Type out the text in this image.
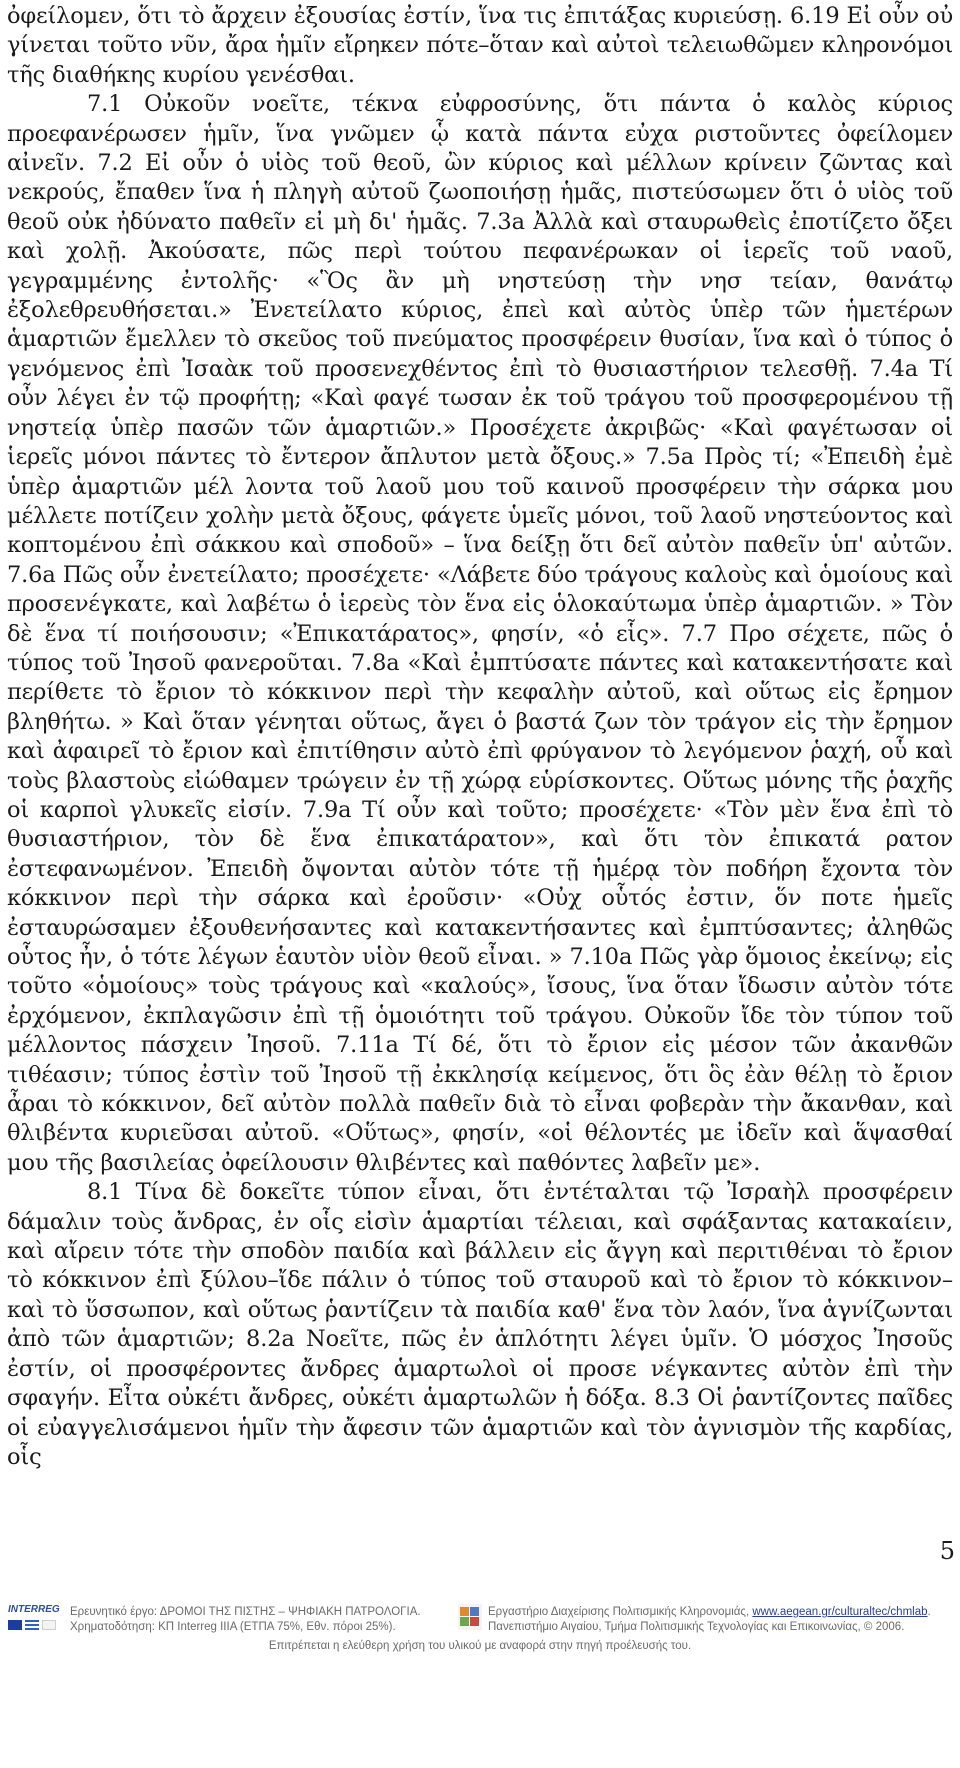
ὀφείλομεν, ὅτι τὸ ἄρχειν ἐξουσίας ἐστίν, ἵνα τις ἐπιτάξας κυριεύσῃ. 6.19 Εἰ οὖν οὐ γίνεται τοῦτο νῦν, ἄρα ἡμῖν εἴρηκεν πότε–ὅταν καὶ αὐτοὶ τελειωθῶμεν κληρονόμοι τῆς διαθήκης κυρίου γενέσθαι.

7.1 Οὐκοῦν νοεῖτε, τέκνα εὐφροσύνης, ὅτι πάντα ὁ καλὸς κύριος προεφανέρωσεν ἡμῖν, ἵνα γνῶμεν ᾧ κατὰ πάντα εὐχα ριστοῦντες ὀφείλομεν αἰνεῖν. 7.2 Εἰ οὖν ὁ υἱὸς τοῦ θεοῦ, ὢν κύριος καὶ μέλλων κρίνειν ζῶντας καὶ νεκρούς, ἔπαθεν ἵνα ἡ πληγὴ αὐτοῦ ζωοποιήσῃ ἡμᾶς, πιστεύσωμεν ὅτι ὁ υἱὸς τοῦ θεοῦ οὐκ ἠδύνατο παθεῖν εἰ μὴ δι' ἡμᾶς. 7.3a Ἀλλὰ καὶ σταυρωθεὶς ἐποτίζετο ὄξει καὶ χολῇ. Ἀκούσατε, πῶς περὶ τούτου πεφανέρωκαν οἱ ἱερεῖς τοῦ ναοῦ, γεγραμμένης ἐντολῆς· «Ὃς ἂν μὴ νηστεύσῃ τὴν νησ τείαν, θανάτῳ ἐξολεθρευθήσεται.» Ἐνετείλατο κύριος, ἐπεὶ καὶ αὐτὸς ὑπὲρ τῶν ἡμετέρων ἁμαρτιῶν ἔμελλεν τὸ σκεῦος τοῦ πνεύματος προσφέρειν θυσίαν, ἵνα καὶ ὁ τύπος ὁ γενόμενος ἐπὶ Ἰσαὰκ τοῦ προσενεχθέντος ἐπὶ τὸ θυσιαστήριον τελεσθῇ. 7.4a Τί οὖν λέγει ἐν τῷ προφήτῃ; «Καὶ φαγέ τωσαν ἐκ τοῦ τράγου τοῦ προσφερομένου τῇ νηστείᾳ ὑπὲρ πασῶν τῶν ἁμαρτιῶν.» Προσέχετε ἀκριβῶς· «Καὶ φαγέτωσαν οἱ ἱερεῖς μόνοι πάντες τὸ ἔντερον ἄπλυτον μετὰ ὄξους.» 7.5a Πρὸς τί; «Ἐπειδὴ ἐμὲ ὑπὲρ ἁμαρτιῶν μέλ λοντα τοῦ λαοῦ μου τοῦ καινοῦ προσφέρειν τὴν σάρκα μου μέλλετε ποτίζειν χολὴν μετὰ ὄξους, φάγετε ὑμεῖς μόνοι, τοῦ λαοῦ νηστεύοντος καὶ κοπτομένου ἐπὶ σάκκου καὶ σποδοῦ» – ἵνα δείξῃ ὅτι δεῖ αὐτὸν παθεῖν ὑπ' αὐτῶν. 7.6a Πῶς οὖν ἐνετείλατο; προσέχετε· «Λάβετε δύο τράγους καλοὺς καὶ ὁμοίους καὶ προσενέγκατε, καὶ λαβέτω ὁ ἱερεὺς τὸν ἕνα εἰς ὁλοκαύτωμα ὑπὲρ ἁμαρτιῶν. » Τὸν δὲ ἕνα τί ποιήσουσιν; «Ἐπικατάρατος», φησίν, «ὁ εἷς». 7.7 Προ σέχετε, πῶς ὁ τύπος τοῦ Ἰησοῦ φανεροῦται. 7.8a «Καὶ ἐμπτύσατε πάντες καὶ κατακεντήσατε καὶ περίθετε τὸ ἔριον τὸ κόκκινον περὶ τὴν κεφαλὴν αὐτοῦ, καὶ οὕτως εἰς ἔρημον βληθήτω. » Καὶ ὅταν γένηται οὕτως, ἄγει ὁ βαστά ζων τὸν τράγον εἰς τὴν ἔρημον καὶ ἀφαιρεῖ τὸ ἔριον καὶ ἐπιτίθησιν αὐτὸ ἐπὶ φρύγανον τὸ λεγόμενον ῥαχή, οὗ καὶ τοὺς βλαστοὺς εἰώθαμεν τρώγειν ἐν τῇ χώρᾳ εὑρίσκοντες. Οὕτως μόνης τῆς ῥαχῆς οἱ καρποὶ γλυκεῖς εἰσίν. 7.9a Τί οὖν καὶ τοῦτο; προσέχετε· «Τὸν μὲν ἕνα ἐπὶ τὸ θυσιαστήριον, τὸν δὲ ἕνα ἐπικατάρατον», καὶ ὅτι τὸν ἐπικατά ρατον ἐστεφανωμένον. Ἐπειδὴ ὄψονται αὐτὸν τότε τῇ ἡμέρᾳ τὸν ποδήρη ἔχοντα τὸν κόκκινον περὶ τὴν σάρκα καὶ ἐροῦσιν· «Οὐχ οὗτός ἐστιν, ὅν ποτε ἡμεῖς ἐσταυρώσαμεν ἐξουθενήσαντες καὶ κατακεντήσαντες καὶ ἐμπτύσαντες; ἀληθῶς οὗτος ἦν, ὁ τότε λέγων ἑαυτὸν υἱὸν θεοῦ εἶναι. » 7.10a Πῶς γὰρ ὅμοιος ἐκείνῳ; εἰς τοῦτο «ὁμοίους» τοὺς τράγους καὶ «καλούς», ἴσους, ἵνα ὅταν ἴδωσιν αὐτὸν τότε ἐρχόμενον, ἐκπλαγῶσιν ἐπὶ τῇ ὁμοιότητι τοῦ τράγου. Οὐκοῦν ἴδε τὸν τύπον τοῦ μέλλοντος πάσχειν Ἰησοῦ. 7.11a Τί δέ, ὅτι τὸ ἔριον εἰς μέσον τῶν ἀκανθῶν τιθέασιν; τύπος ἐστὶν τοῦ Ἰησοῦ τῇ ἐκκλησίᾳ κείμενος, ὅτι ὃς ἐὰν θέλῃ τὸ ἔριον ἆραι τὸ κόκκινον, δεῖ αὐτὸν πολλὰ παθεῖν διὰ τὸ εἶναι φοβερὰν τὴν ἄκανθαν, καὶ θλιβέντα κυριεῦσαι αὐτοῦ. «Οὕτως», φησίν, «οἱ θέλοντές με ἰδεῖν καὶ ἅψασθαί μου τῆς βασιλείας ὀφείλουσιν θλιβέντες καὶ παθόντες λαβεῖν με».

8.1 Τίνα δὲ δοκεῖτε τύπον εἶναι, ὅτι ἐντέταλται τῷ Ἰσραὴλ προσφέρειν δάμαλιν τοὺς ἄνδρας, ἐν οἷς εἰσὶν ἁμαρτίαι τέλειαι, καὶ σφάξαντας κατακαίειν, καὶ αἴρειν τότε τὴν σποδὸν παιδία καὶ βάλλειν εἰς ἄγγη καὶ περιτιθέναι τὸ ἔριον τὸ κόκκινον ἐπὶ ξύλου–ἴδε πάλιν ὁ τύπος τοῦ σταυροῦ καὶ τὸ ἔριον τὸ κόκκινον–καὶ τὸ ὕσσωπον, καὶ οὕτως ῥαντίζειν τὰ παιδία καθ' ἕνα τὸν λαόν, ἵνα ἁγνίζωνται ἀπὸ τῶν ἁμαρτιῶν; 8.2a Νοεῖτε, πῶς ἐν ἁπλότητι λέγει ὑμῖν. Ὁ μόσχος Ἰησοῦς ἐστίν, οἱ προσφέροντες ἄνδρες ἁμαρτωλοὶ οἱ προσε νέγκαντες αὐτὸν ἐπὶ τὴν σφαγήν. Εἶτα οὐκέτι ἄνδρες, οὐκέτι ἁμαρτωλῶν ἡ δόξα. 8.3 Οἱ ῥαντίζοντες παῖδες οἱ εὐαγγελισάμενοι ἡμῖν τὴν ἄφεσιν τῶν ἁμαρτιῶν καὶ τὸν ἁγνισμὸν τῆς καρδίας, οἷς

5
INTERREG Ερευνητικό έργο: ΔΡΟΜΟΙ ΤΗΣ ΠΙΣΤΗΣ – ΨΗΦΙΑΚΗ ΠΑΤΡΟΛΟΓΙΑ.
Χρηματοδότηση: ΚΠ Interreg IIIA (ΕΤΠΑ 75%, Εθν. πόροι 25%).
Εργαστήριο Διαχείρισης Πολιτισμικής Κληρονομιάς, www.aegean.gr/culturaltec/chmlab.
Πανεπιστήμιο Αιγαίου, Τμήμα Πολιτισμικής Τεχνολογίας και Επικοινωνίας, © 2006.
Επιτρέπεται η ελεύθερη χρήση του υλικού με αναφορά στην πηγή προέλευσής του.
